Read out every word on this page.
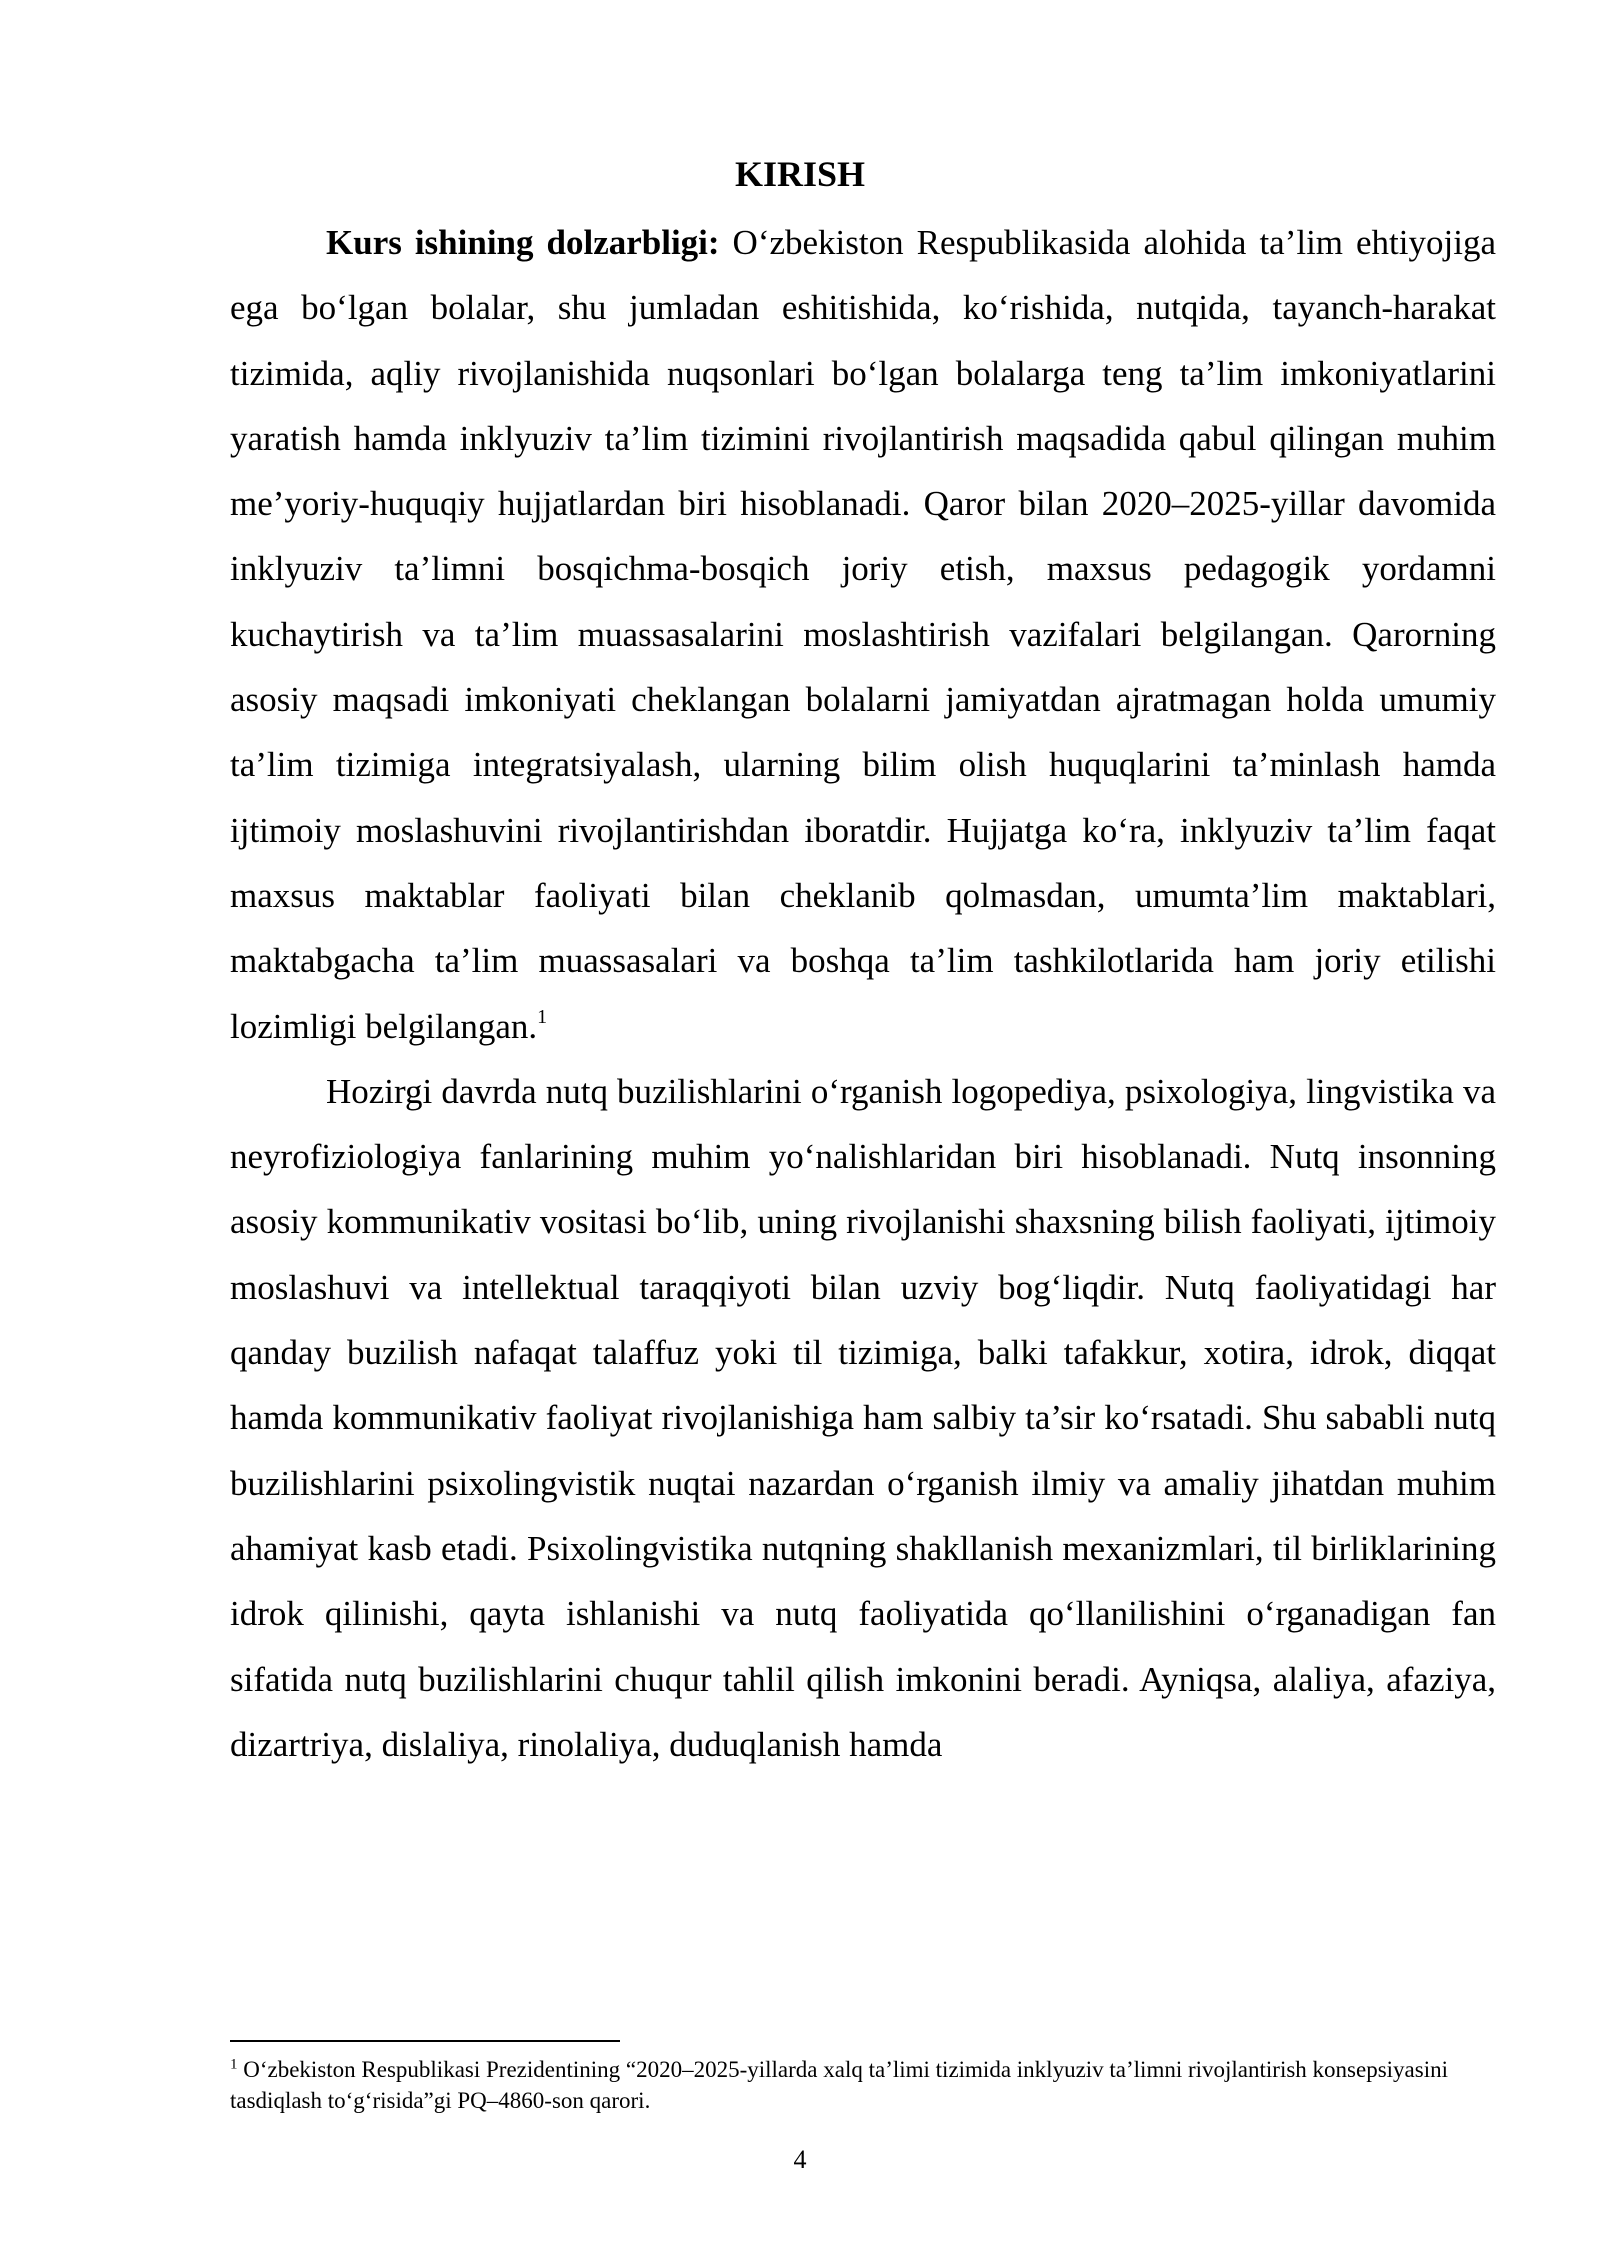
KIRISH

Kurs ishining dolzarbligi: O‘zbekiston Respublikasida alohida ta’lim ehtiyojiga ega bo‘lgan bolalar, shu jumladan eshitishida, ko‘rishida, nutqida, tayanch-harakat tizimida, aqliy rivojlanishida nuqsonlari bo‘lgan bolalarga teng ta’lim imkoniyatlarini yaratish hamda inklyuziv ta’lim tizimini rivojlantirish maqsadida qabul qilingan muhim me’yoriy-huquqiy hujjatlardan biri hisoblanadi. Qaror bilan 2020–2025-yillar davomida inklyuziv ta’limni bosqichma-bosqich joriy etish, maxsus pedagogik yordamni kuchaytirish va ta’lim muassasalarini moslashtirish vazifalari belgilangan. Qarorning asosiy maqsadi imkoniyati cheklangan bolalarni jamiyatdan ajratmagan holda umumiy ta’lim tizimiga integratsiyalash, ularning bilim olish huquqlarini ta’minlash hamda ijtimoiy moslashuvini rivojlantirishdan iboratdir. Hujjatga ko‘ra, inklyuziv ta’lim faqat maxsus maktablar faoliyati bilan cheklanib qolmasdan, umumta’lim maktablari, maktabgacha ta’lim muassasalari va boshqa ta’lim tashkilotlarida ham joriy etilishi lozimligi belgilangan.$^1$

Hozirgi davrda nutq buzilishlarini o‘rganish logopediya, psixologiya, lingvistika va neyrofiziologiya fanlarining muhim yo‘nalishlaridan biri hisoblanadi. Nutq insonning asosiy kommunikativ vositasi bo‘lib, uning rivojlanishi shaxsning bilish faoliyati, ijtimoiy moslashuvi va intellektual taraqqiyoti bilan uzviy bog‘liqdir. Nutq faoliyatidagi har qanday buzilish nafaqat talaffuz yoki til tizimiga, balki tafakkur, xotira, idrok, diqqat hamda kommunikativ faoliyat rivojlanishiga ham salbiy ta’sir ko‘rsatadi. Shu sababli nutq buzilishlarini psixolingvistik nuqtai nazardan o‘rganish ilmiy va amaliy jihatdan muhim ahamiyat kasb etadi. Psixolingvistika nutqning shakllanish mexanizmlari, til birliklarining idrok qilinishi, qayta ishlanishi va nutq faoliyatida qo‘llanilishini o‘rganadigan fan sifatida nutq buzilishlarini chuqur tahlil qilish imkonini beradi. Ayniqsa, alaliya, afaziya, dizartriya, dislaliya, rinolaliya, duduqlanish hamda

$^1$ O‘zbekiston Respublikasi Prezidentining “2020–2025-yillarda xalq ta’limi tizimida inklyuziv ta’limni rivojlantirish konsepsiyasini tasdiqlash to‘g‘risida”gi PQ–4860-son qarori.

4
